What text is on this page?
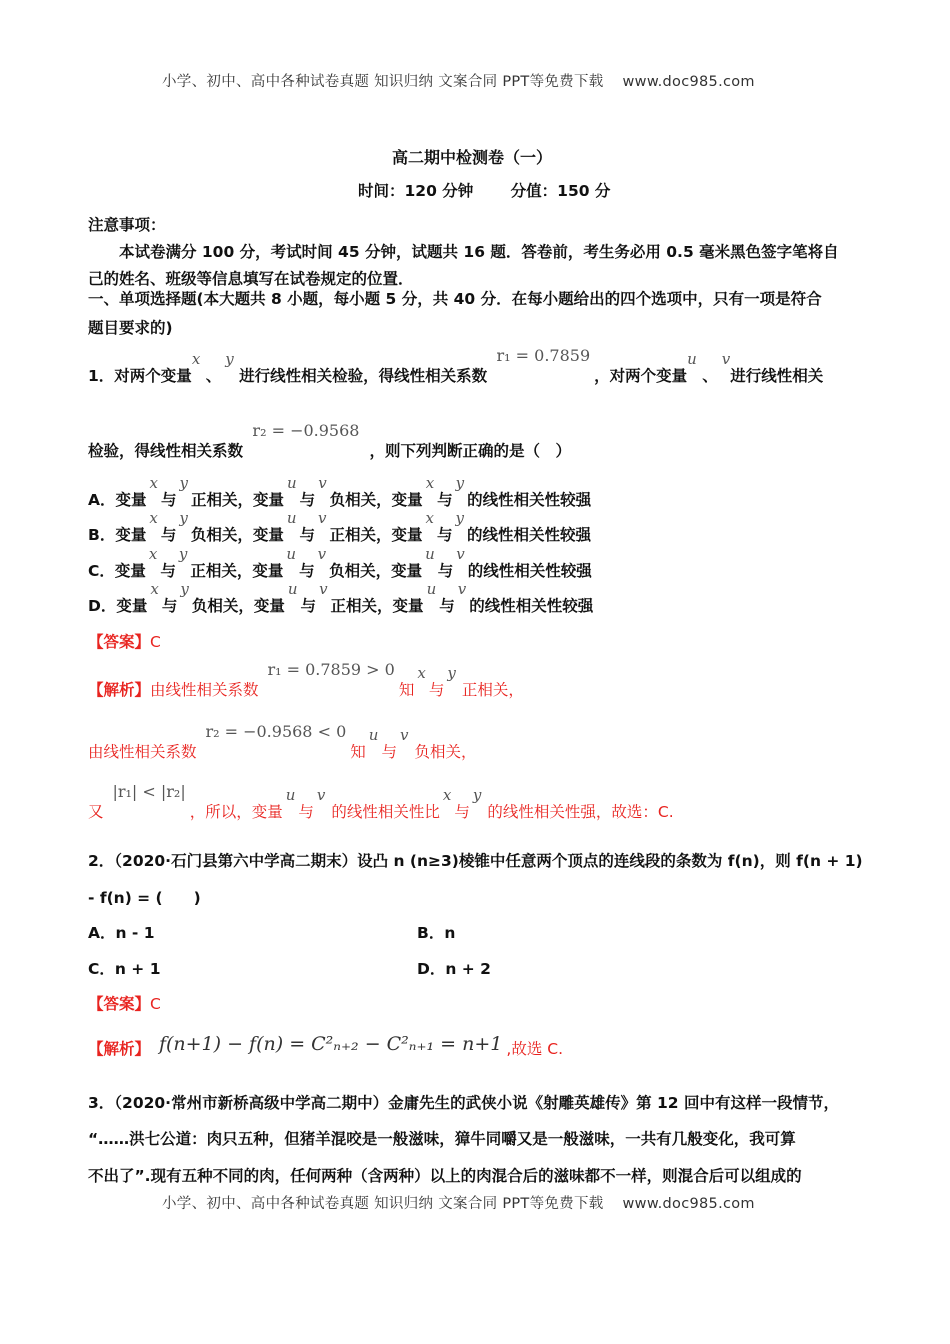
小学、初中、高中各种试卷真题 知识归纳 文案合同 PPT等免费下载 www.doc985.com
高二期中检测卷（一）
时间：120 分钟 分值：150 分
注意事项：
本试卷满分 100 分，考试时间 45 分钟，试题共 16 题．答卷前，考生务必用 0.5 毫米黑色签字笔将自
己的姓名、班级等信息填写在试卷规定的位置．
一、单项选择题(本大题共 8 小题，每小题 5 分，共 40 分．在每小题给出的四个选项中，只有一项是符合
题目要求的)
1．对两个变量x 、y 进行线性相关检验，得线性相关系数 r₁ = 0.7859，对两个变量u 、v进行线性相关
检验，得线性相关系数 r₂ = −0.9568，则下列判断正确的是（　）
A．变量x与y正相关，变量u与v负相关，变量x与y的线性相关性较强
B．变量x与y负相关，变量u与v正相关，变量x与y的线性相关性较强
C．变量x与y正相关，变量u与v负相关，变量u与v的线性相关性较强
D．变量x与y负相关，变量u与v正相关，变量u与v的线性相关性较强
【答案】C
【解析】由线性相关系数 r₁ = 0.7859 > 0知x与y正相关，
由线性相关系数 r₂ = −0.9568 < 0知u与v负相关，
又 |r₁| < |r₂|，所以，变量u与v的线性相关性比x与y的线性相关性强，故选：C.
2．（2020·石门县第六中学高二期末）设凸 n (n≥3)棱锥中任意两个顶点的连线段的条数为 f(n)，则 f(n + 1)
- f(n) = (　　)
A．n - 1	B．n
C．n + 1	D．n + 2
【答案】C
【解析】 f(n+1) − f(n) = C²ₙ₊₂ − C²ₙ₊₁ = n+1 ,故选 C.
3．（2020·常州市新桥高级中学高二期中）金庸先生的武侠小说《射雕英雄传》第 12 回中有这样一段情节，
“……洪七公道：肉只五种，但猪羊混咬是一般滋味，獐牛同嚼又是一般滋味，一共有几般变化，我可算
不出了”.现有五种不同的肉，任何两种（含两种）以上的肉混合后的滋味都不一样，则混合后可以组成的
小学、初中、高中各种试卷真题 知识归纳 文案合同 PPT等免费下载 www.doc985.com
